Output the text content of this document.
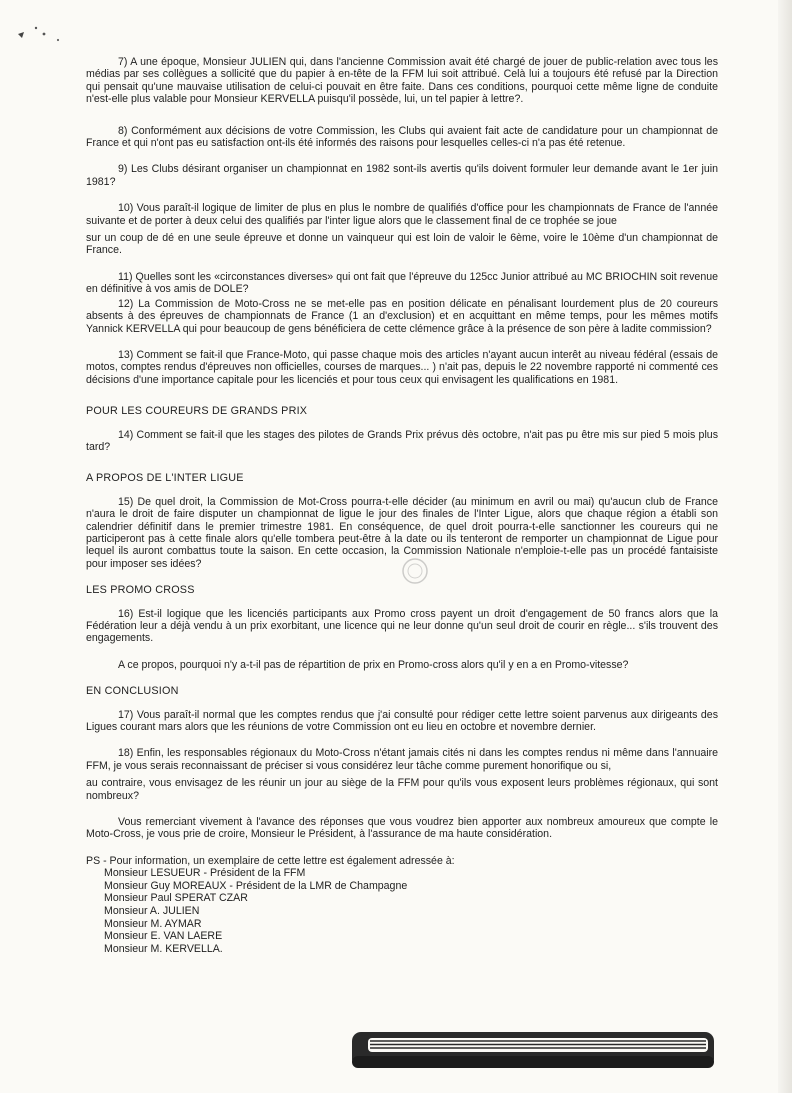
7) A une époque, Monsieur JULIEN qui, dans l'ancienne Commission avait été chargé de jouer de public-relation avec tous les médias par ses collègues a sollicité que du papier à en-tête de la FFM lui soit attribué. Celà lui a toujours été refusé par la Direction qui pensait qu'une mauvaise utilisation de celui-ci pouvait en être faite. Dans ces conditions, pourquoi cette même ligne de conduite n'est-elle plus valable pour Monsieur KERVELLA puisqu'il possède, lui, un tel papier à lettre?.

8) Conformément aux décisions de votre Commission, les Clubs qui avaient fait acte de candidature pour un championnat de France et qui n'ont pas eu satisfaction ont-ils été informés des raisons pour lesquelles celles-ci n'a pas été retenue.

9) Les Clubs désirant organiser un championnat en 1982 sont-ils avertis qu'ils doivent formuler leur demande avant le 1er juin 1981?

10) Vous paraît-il logique de limiter de plus en plus le nombre de qualifiés d'office pour les championnats de France de l'année suivante et de porter à deux celui des qualifiés par l'inter ligue alors que le classement final de ce trophée se joue

sur un coup de dé en une seule épreuve et donne un vainqueur qui est loin de valoir le 6ème, voire le 10ème d'un championnat de France.

11) Quelles sont les «circonstances diverses» qui ont fait que l'épreuve du 125cc Junior attribué au MC BRIOCHIN soit revenue en définitive à vos amis de DOLE?

12) La Commission de Moto-Cross ne se met-elle pas en position délicate en pénalisant lourdement plus de 20 coureurs absents à des épreuves de championnats de France (1 an d'exclusion) et en acquittant en même temps, pour les mêmes motifs Yannick KERVELLA qui pour beaucoup de gens bénéficiera de cette clémence grâce à la présence de son père à ladite commission?

13) Comment se fait-il que France-Moto, qui passe chaque mois des articles n'ayant aucun interêt au niveau fédéral (essais de motos, comptes rendus d'épreuves non officielles, courses de marques... ) n'ait pas, depuis le 22 novembre rapporté ni commenté ces décisions d'une importance capitale pour les licenciés et pour tous ceux qui envisagent les qualifications en 1981.

POUR LES COUREURS DE GRANDS PRIX

14) Comment se fait-il que les stages des pilotes de Grands Prix prévus dès octobre, n'ait pas pu être mis sur pied 5 mois plus tard?

A PROPOS DE L'INTER LIGUE

15) De quel droit, la Commission de Mot-Cross pourra-t-elle décider (au minimum en avril ou mai) qu'aucun club de France n'aura le droit de faire disputer un championnat de ligue le jour des finales de l'Inter Ligue, alors que chaque région a établi son calendrier définitif dans le premier trimestre 1981. En conséquence, de quel droit pourra-t-elle sanctionner les coureurs qui ne participeront pas à cette finale alors qu'elle tombera peut-être à la date ou ils tenteront de remporter un championnat de Ligue pour lequel ils auront combattus toute la saison. En cette occasion, la Commission Nationale n'emploie-t-elle pas un procédé fantaisiste pour imposer ses idées?

LES PROMO CROSS

16) Est-il logique que les licenciés participants aux Promo cross payent un droit d'engagement de 50 francs alors que la Fédération leur a déjà vendu à un prix exorbitant, une licence qui ne leur donne qu'un seul droit de courir en règle... s'ils trouvent des engagements.

A ce propos, pourquoi n'y a-t-il pas de répartition de prix en Promo-cross alors qu'il y en a en Promo-vitesse?

EN CONCLUSION

17) Vous paraît-il normal que les comptes rendus que j'ai consulté pour rédiger cette lettre soient parvenus aux dirigeants des Ligues courant mars alors que les réunions de votre Commission ont eu lieu en octobre et novembre dernier.

18) Enfin, les responsables régionaux du Moto-Cross n'étant jamais cités ni dans les comptes rendus ni même dans l'annuaire FFM, je vous serais reconnaissant de préciser si vous considérez leur tâche comme purement honorifique ou si,

au contraire, vous envisagez de les réunir un jour au siège de la FFM pour qu'ils vous exposent leurs problèmes régionaux, qui sont nombreux?

Vous remerciant vivement à l'avance des réponses que vous voudrez bien apporter aux nombreux amoureux que compte le Moto-Cross, je vous prie de croire, Monsieur le Président, à l'assurance de ma haute considération.

PS - Pour information, un exemplaire de cette lettre est également adressée à:

Monsieur LESUEUR - Président de la FFM
Monsieur Guy MOREAUX - Président de la LMR de Champagne
Monsieur Paul SPERAT CZAR
Monsieur A. JULIEN
Monsieur M. AYMAR
Monsieur E. VAN LAERE
Monsieur M. KERVELLA.
